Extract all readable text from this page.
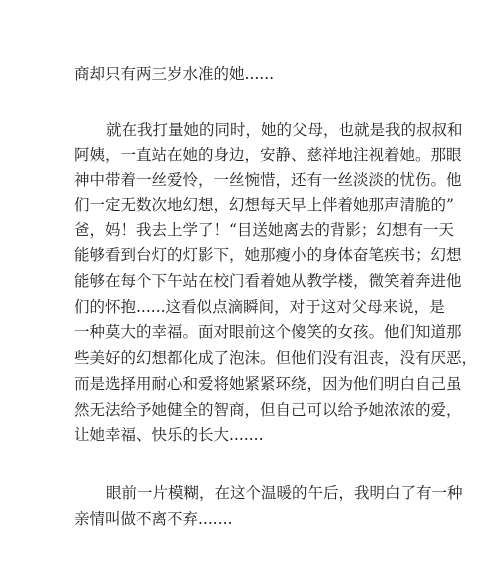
商却只有两三岁水准的她......

就在我打量她的同时，她的父母，也就是我的叔叔和

阿姨，一直站在她的身边，安静、慈祥地注视着她。那眼

神中带着一丝爱怜，一丝惋惜，还有一丝淡淡的忧伤。他

们一定无数次地幻想，幻想每天早上伴着她那声清脆的”

爸，妈！我去上学了！“目送她离去的背影；幻想有一天

能够看到台灯的灯影下，她那瘦小的身体奋笔疾书；幻想

能够在每个下午站在校门看着她从教学楼，微笑着奔进他

们的怀抱......这看似点滴瞬间，对于这对父母来说，是

一种莫大的幸福。面对眼前这个傻笑的女孩。他们知道那

些美好的幻想都化成了泡沫。但他们没有沮丧，没有厌恶，

而是选择用耐心和爱将她紧紧环绕，因为他们明白自己虽

然无法给予她健全的智商，但自己可以给予她浓浓的爱，

让她幸福、快乐的长大.......

眼前一片模糊，在这个温暖的午后，我明白了有一种

亲情叫做不离不弃.......
